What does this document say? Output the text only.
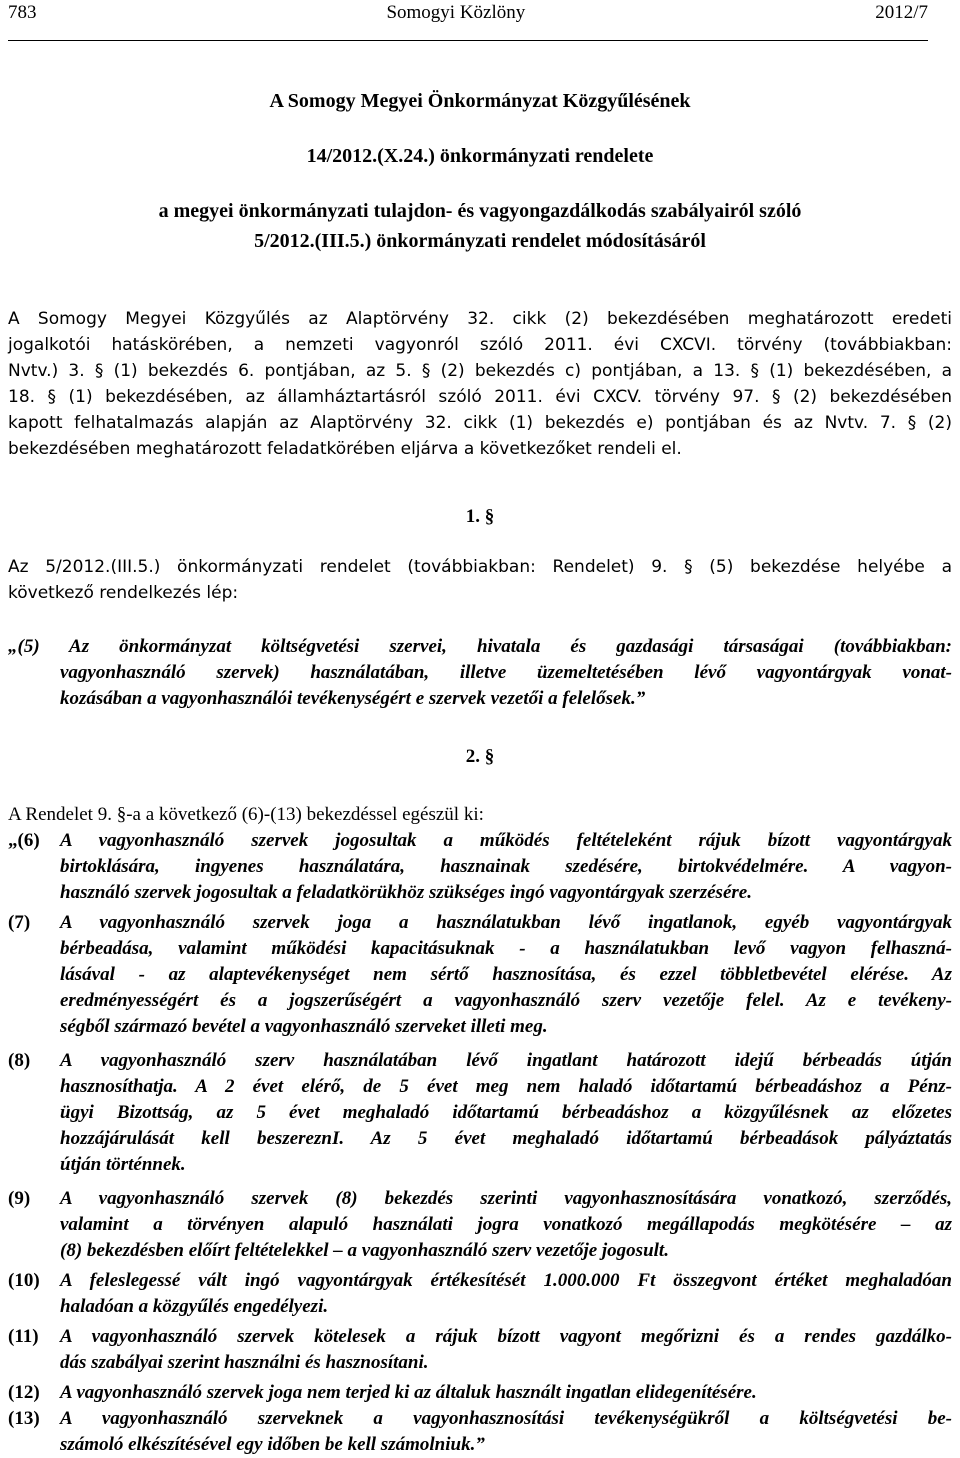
783	Somogyi Közlöny	2012/7
A Somogy Megyei Önkormányzat Közgyűlésének
14/2012.(X.24.) önkormányzati rendelete
a megyei önkormányzati tulajdon- és vagyongazdálkodás szabályairól szóló
5/2012.(III.5.) önkormányzati rendelet módosításáról
A Somogy Megyei Közgyűlés az Alaptörvény 32. cikk (2) bekezdésében meghatározott eredeti
jogalkotói hatáskörében, a nemzeti vagyonról szóló 2011. évi CXCVI. törvény (továbbiakban:
Nvtv.) 3. § (1) bekezdés 6. pontjában, az 5. § (2) bekezdés c) pontjában, a 13. § (1) bekezdésében, a
18. § (1) bekezdésében, az államháztartásról szóló 2011. évi CXCV. törvény 97. § (2) bekezdésében
kapott felhatalmazás alapján az Alaptörvény 32. cikk (1) bekezdés e) pontjában és az Nvtv. 7. § (2)
bekezdésében meghatározott feladatkörében eljárva a következőket rendeli el.
1. §
Az 5/2012.(III.5.) önkormányzati rendelet (továbbiakban: Rendelet) 9. § (5) bekezdése helyébe a
következő rendelkezés lép:
„(5) Az önkormányzat költségvetési szervei, hivatala és gazdasági társaságai (továbbiakban:
vagyonhasználó szervek) használatában, illetve üzemeltetésében lévő vagyontárgyak vonat-
kozásában a vagyonhasználói tevékenységért e szervek vezetői a felelősek.”
2. §
A Rendelet 9. §-a a következő (6)-(13) bekezdéssel egészül ki:
„(6) A vagyonhasználó szervek jogosultak a működés feltételeként rájuk bízott vagyontárgyak
birtoklására, ingyenes használatára, hasznainak szedésére, birtokvédelmére. A vagyon-
használó szervek jogosultak a feladatkörükhöz szükséges ingó vagyontárgyak szerzésére.
(7) A vagyonhasználó szervek joga a használatukban lévő ingatlanok, egyéb vagyontárgyak
bérbeadása, valamint működési kapacitásuknak - a használatukban levő vagyon felhaszná-
lásával - az alaptevékenységet nem sértő hasznosítása, és ezzel többletbevétel elérése. Az
eredményességért és a jogszerűségért a vagyonhasználó szerv vezetője felel. Az e tevékeny-
ségből származó bevétel a vagyonhasználó szerveket illeti meg.
(8) A vagyonhasználó szerv használatában lévő ingatlant határozott idejű bérbeadás útján
hasznosíthatja. A 2 évet elérő, de 5 évet meg nem haladó időtartamú bérbeadáshoz a Pénz-
ügyi Bizottság, az 5 évet meghaladó időtartamú bérbeadáshoz a közgyűlésnek az előzetes
hozzájárulását kell beszereznI. Az 5 évet meghaladó időtartamú bérbeadások pályáztatás
útján történnek.
(9) A vagyonhasználó szervek (8) bekezdés szerinti vagyonhasznosítására vonatkozó, szerződés,
valamint a törvényen alapuló használati jogra vonatkozó megállapodás megkötésére – az
(8) bekezdésben előírt feltételekkel – a vagyonhasználó szerv vezetője jogosult.
(10) A feleslegessé vált ingó vagyontárgyak értékesítését 1.000.000 Ft összegvont értéket meghaladóan
haladóan a közgyűlés engedélyezi.
(11) A vagyonhasználó szervek kötelesek a rájuk bízott vagyont megőrizni és a rendes gazdálko-
dás szabályai szerint használni és hasznosítani.
(12) A vagyonhasználó szervek joga nem terjed ki az általuk használt ingatlan elidegenítésére.
(13) A vagyonhasználó szerveknek a vagyonhasznosítási tevékenységükről a költségvetési be-
számoló elkészítésével egy időben be kell számolniuk.”
